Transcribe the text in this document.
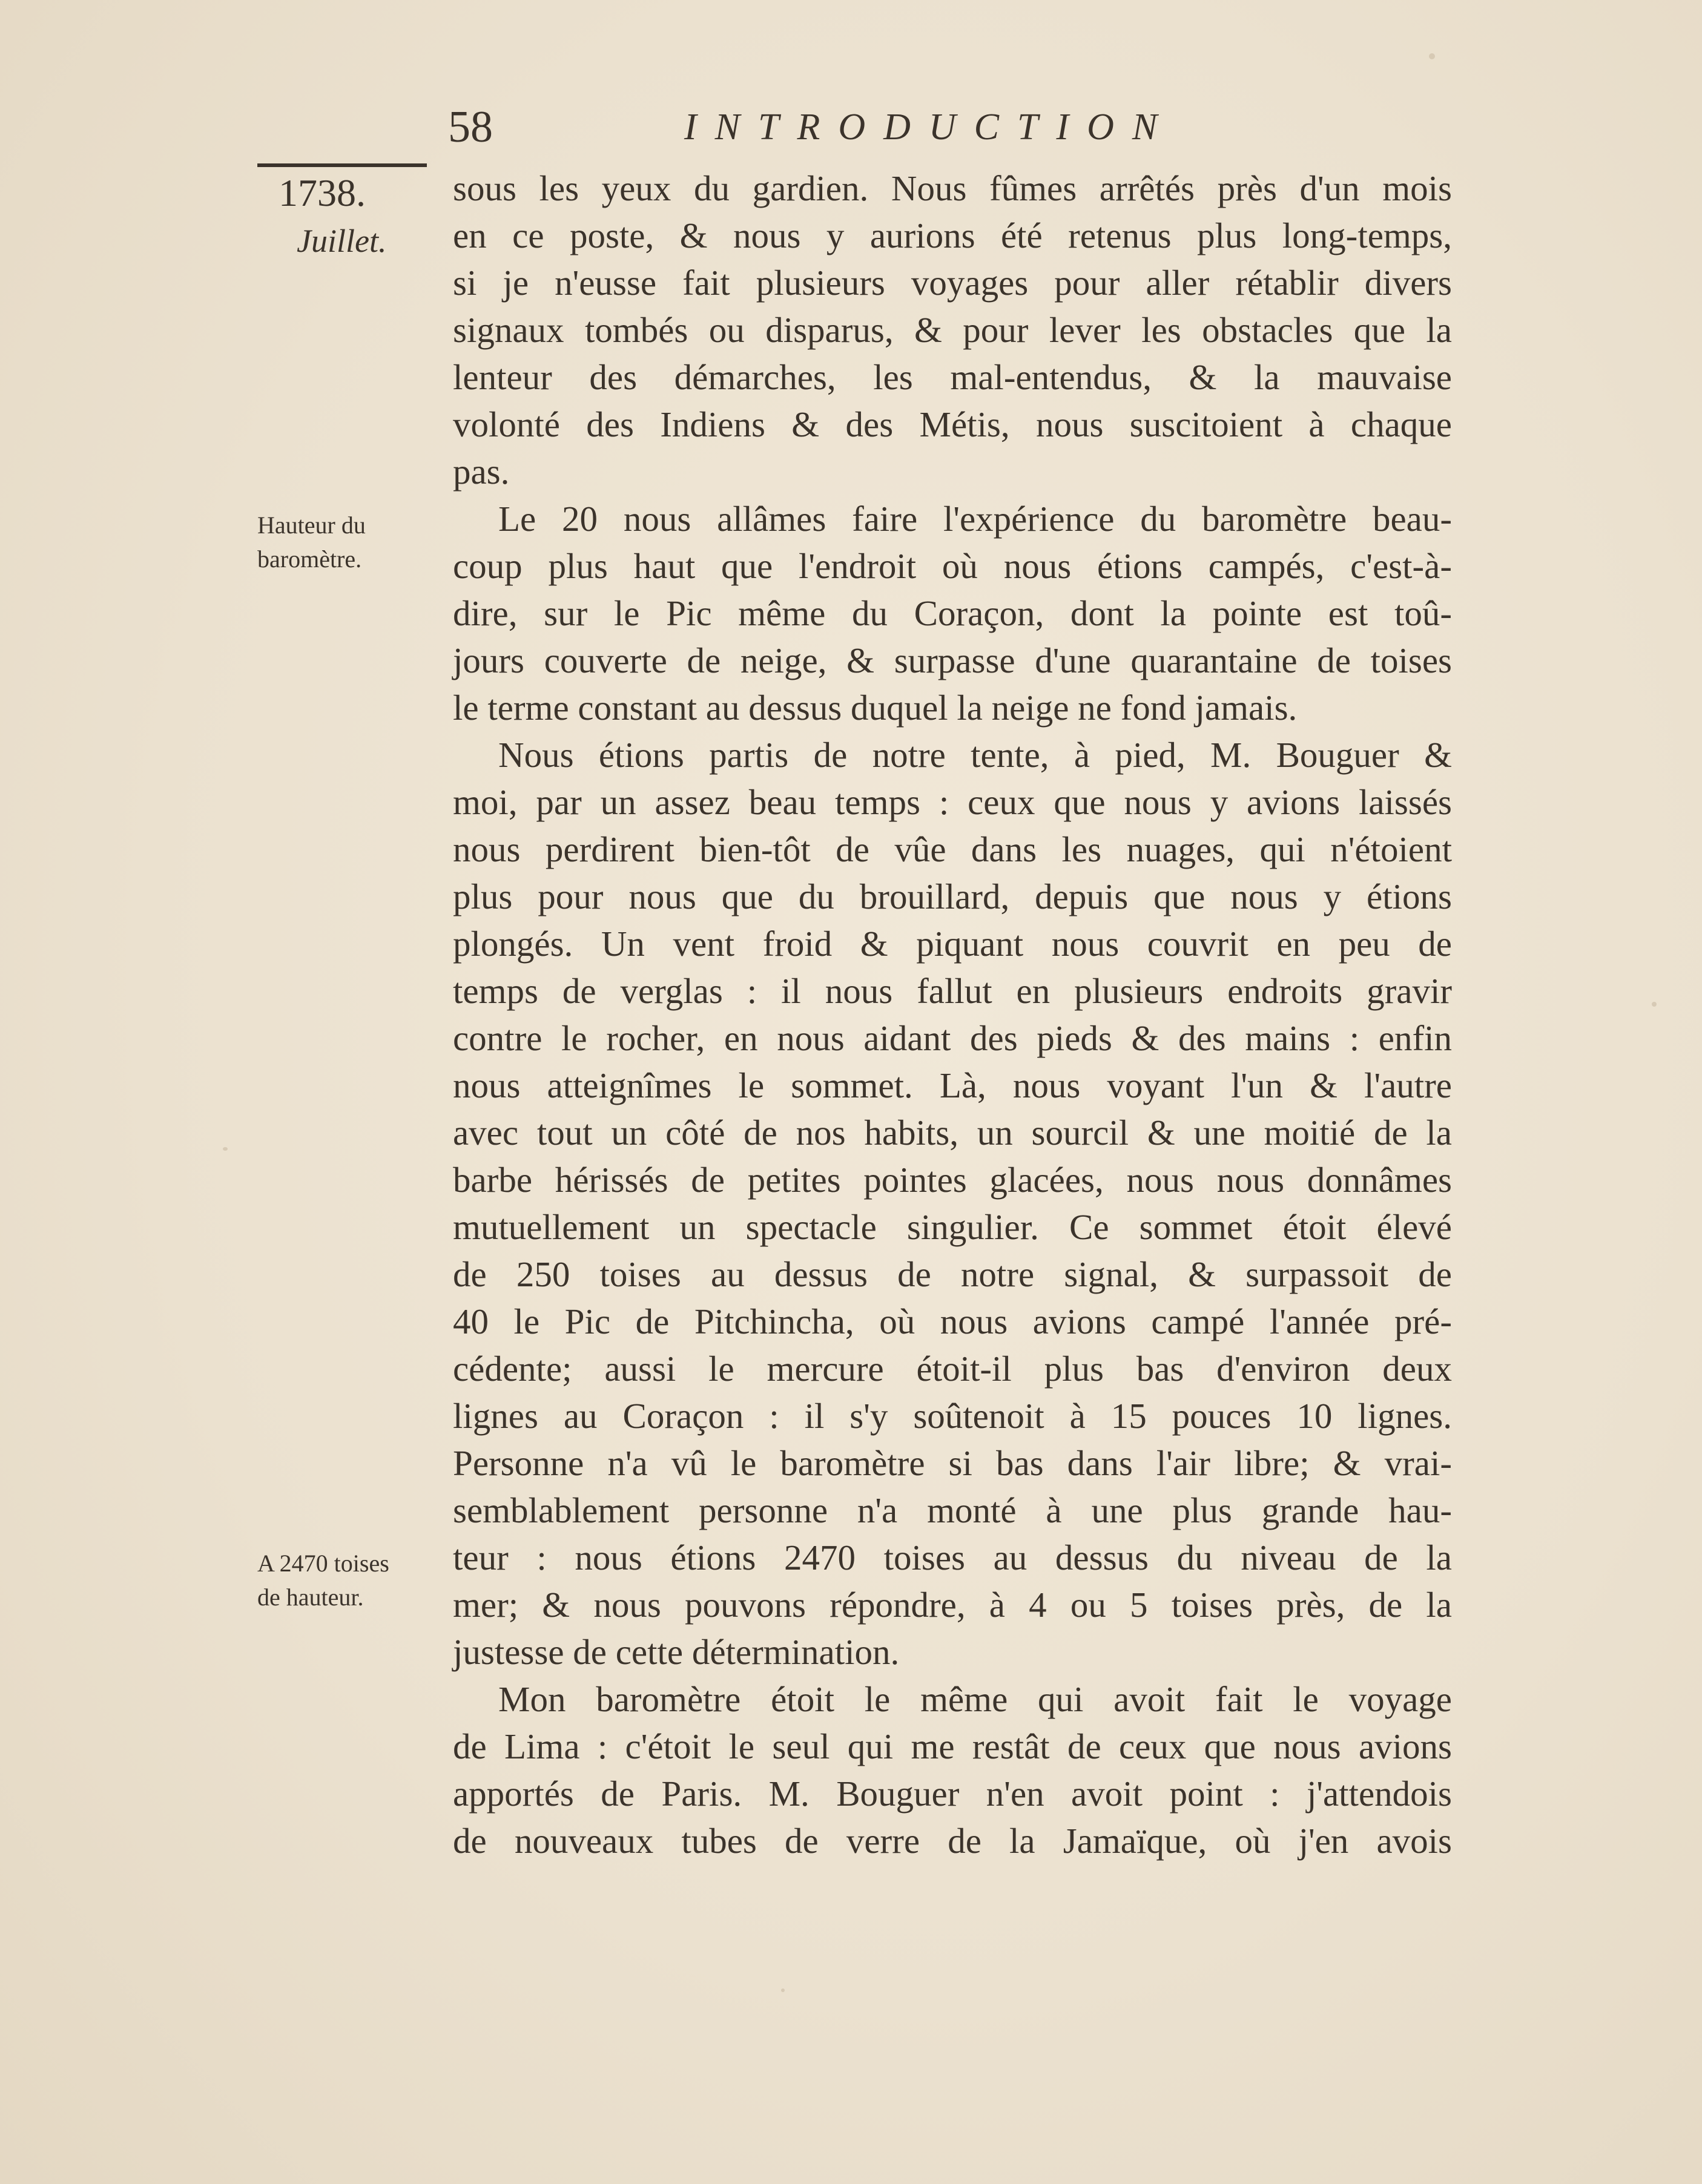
58	INTRODUCTION
1738.
Juillet.
Hauteur du
baromètre.
A 2470 toises
de hauteur.
sous les yeux du gardien. Nous fûmes arrêtés près d'un mois
en ce poste, & nous y aurions été retenus plus long-temps,
si je n'eusse fait plusieurs voyages pour aller rétablir divers
signaux tombés ou disparus, & pour lever les obstacles que la
lenteur des démarches, les mal-entendus, & la mauvaise
volonté des Indiens & des Métis, nous suscitoient à chaque
pas.
Le 20 nous allâmes faire l'expérience du baromètre beau-
coup plus haut que l'endroit où nous étions campés, c'est-à-
dire, sur le Pic même du Coraçon, dont la pointe est toû-
jours couverte de neige, & surpasse d'une quarantaine de toises
le terme constant au dessus duquel la neige ne fond jamais.
Nous étions partis de notre tente, à pied, M. Bouguer &
moi, par un assez beau temps : ceux que nous y avions laissés
nous perdirent bien-tôt de vûe dans les nuages, qui n'étoient
plus pour nous que du brouillard, depuis que nous y étions
plongés. Un vent froid & piquant nous couvrit en peu de
temps de verglas : il nous fallut en plusieurs endroits gravir
contre le rocher, en nous aidant des pieds & des mains : enfin
nous atteignîmes le sommet. Là, nous voyant l'un & l'autre
avec tout un côté de nos habits, un sourcil & une moitié de la
barbe hérissés de petites pointes glacées, nous nous donnâmes
mutuellement un spectacle singulier. Ce sommet étoit élevé
de 250 toises au dessus de notre signal, & surpassoit de
40 le Pic de Pitchincha, où nous avions campé l'année pré-
cédente; aussi le mercure étoit-il plus bas d'environ deux
lignes au Coraçon : il s'y soûtenoit à 15 pouces 10 lignes.
Personne n'a vû le baromètre si bas dans l'air libre; & vrai-
semblablement personne n'a monté à une plus grande hau-
teur : nous étions 2470 toises au dessus du niveau de la
mer; & nous pouvons répondre, à 4 ou 5 toises près, de la
justesse de cette détermination.
Mon baromètre étoit le même qui avoit fait le voyage
de Lima : c'étoit le seul qui me restât de ceux que nous avions
apportés de Paris. M. Bouguer n'en avoit point : j'attendois
de nouveaux tubes de verre de la Jamaïque, où j'en avois
